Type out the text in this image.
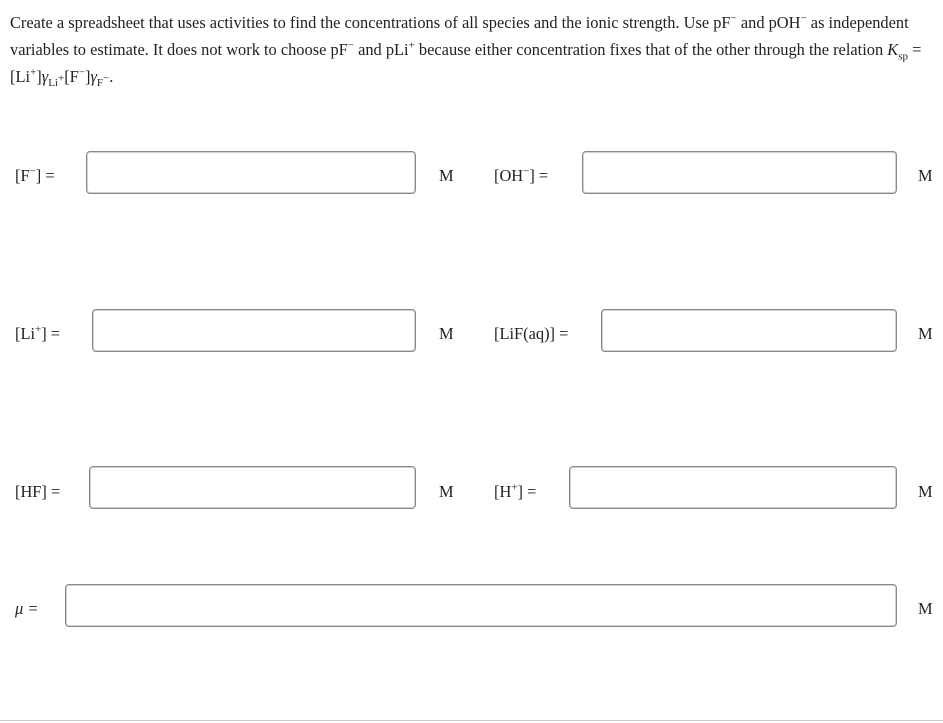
Create a spreadsheet that uses activities to find the concentrations of all species and the ionic strength. Use pF− and pOH− as independent variables to estimate. It does not work to choose pF− and pLi+ because either concentration fixes that of the other through the relation $K_{sp} = [Li^+]\gamma_{Li^+}[F^-]\gamma_{F^-}$.

[F−] =	M [OH−] =	M
[Li+] =	M [LiF(aq)] =	M
[HF] =	M [H+] =	M
μ =	M
